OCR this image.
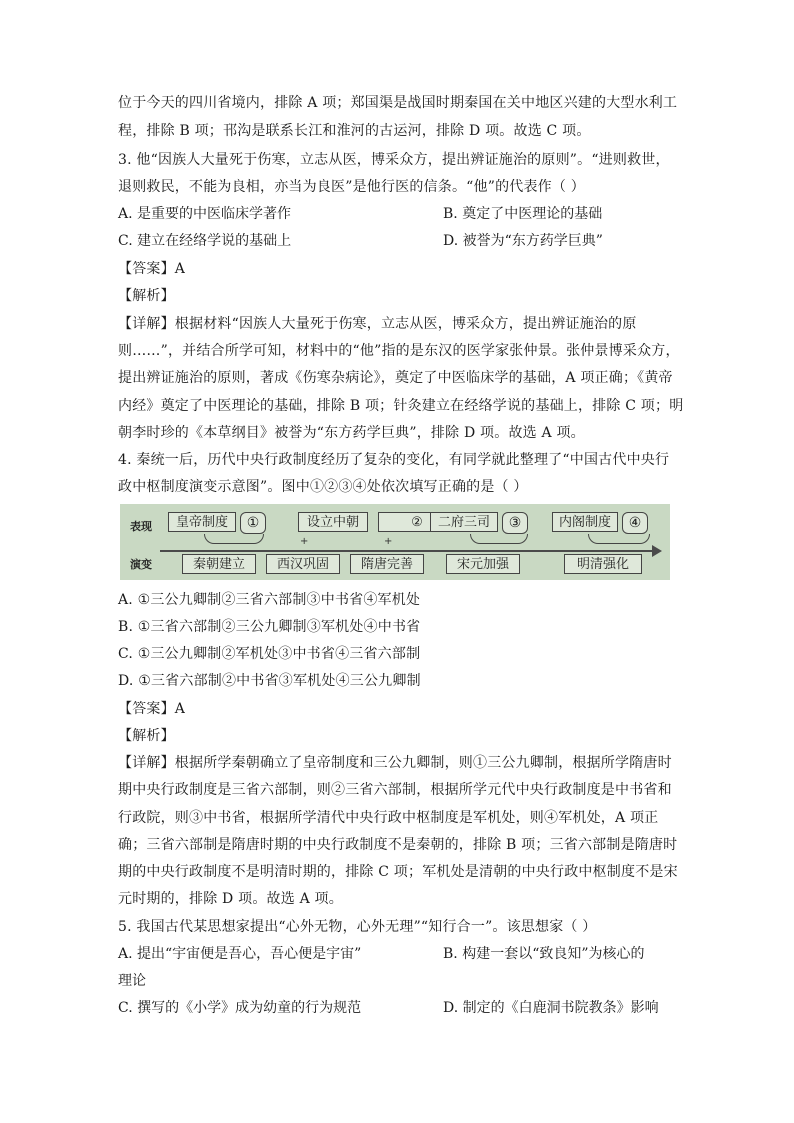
位于今天的四川省境内，排除 A 项；郑国渠是战国时期秦国在关中地区兴建的大型水利工
程，排除 B 项；邗沟是联系长江和淮河的古运河，排除 D 项。故选 C 项。
3. 他“因族人大量死于伤寒，立志从医，博采众方，提出辨证施治的原则”。“进则救世，
退则救民，不能为良相，亦当为良医”是他行医的信条。“他”的代表作（ ）
A. 是重要的中医临床学著作	B. 奠定了中医理论的基础
C. 建立在经络学说的基础上	D. 被誉为“东方药学巨典”
【答案】A
【解析】
【详解】根据材料“因族人大量死于伤寒，立志从医，博采众方，提出辨证施治的原
则……”，并结合所学可知，材料中的“他”指的是东汉的医学家张仲景。张仲景博采众方，
提出辨证施治的原则，著成《伤寒杂病论》，奠定了中医临床学的基础，A 项正确；《黄帝
内经》奠定了中医理论的基础，排除 B 项；针灸建立在经络学说的基础上，排除 C 项；明
朝李时珍的《本草纲目》被誉为“东方药学巨典”，排除 D 项。故选 A 项。
4. 秦统一后，历代中央行政制度经历了复杂的变化，有同学就此整理了“中国古代中央行
政中枢制度演变示意图”。图中①②③④处依次填写正确的是（ ）
表现
演变
皇帝制度	①	设立中朝	②
+	+
二府三司	③	内阁制度	④
秦朝建立	西汉巩固	隋唐完善	宋元加强	明清强化
A. ①三公九卿制②三省六部制③中书省④军机处
B. ①三省六部制②三公九卿制③军机处④中书省
C. ①三公九卿制②军机处③中书省④三省六部制
D. ①三省六部制②中书省③军机处④三公九卿制
【答案】A
【解析】
【详解】根据所学秦朝确立了皇帝制度和三公九卿制，则①三公九卿制，根据所学隋唐时
期中央行政制度是三省六部制，则②三省六部制，根据所学元代中央行政制度是中书省和
行政院，则③中书省，根据所学清代中央行政中枢制度是军机处，则④军机处，A 项正
确；三省六部制是隋唐时期的中央行政制度不是秦朝的，排除 B 项；三省六部制是隋唐时
期的中央行政制度不是明清时期的，排除 C 项；军机处是清朝的中央行政中枢制度不是宋
元时期的，排除 D 项。故选 A 项。
5. 我国古代某思想家提出“心外无物，心外无理”“知行合一”。该思想家（ ）
A. 提出“宇宙便是吾心，吾心便是宇宙”	B. 构建一套以“致良知”为核心的
理论
C. 撰写的《小学》成为幼童的行为规范	D. 制定的《白鹿洞书院教条》影响
